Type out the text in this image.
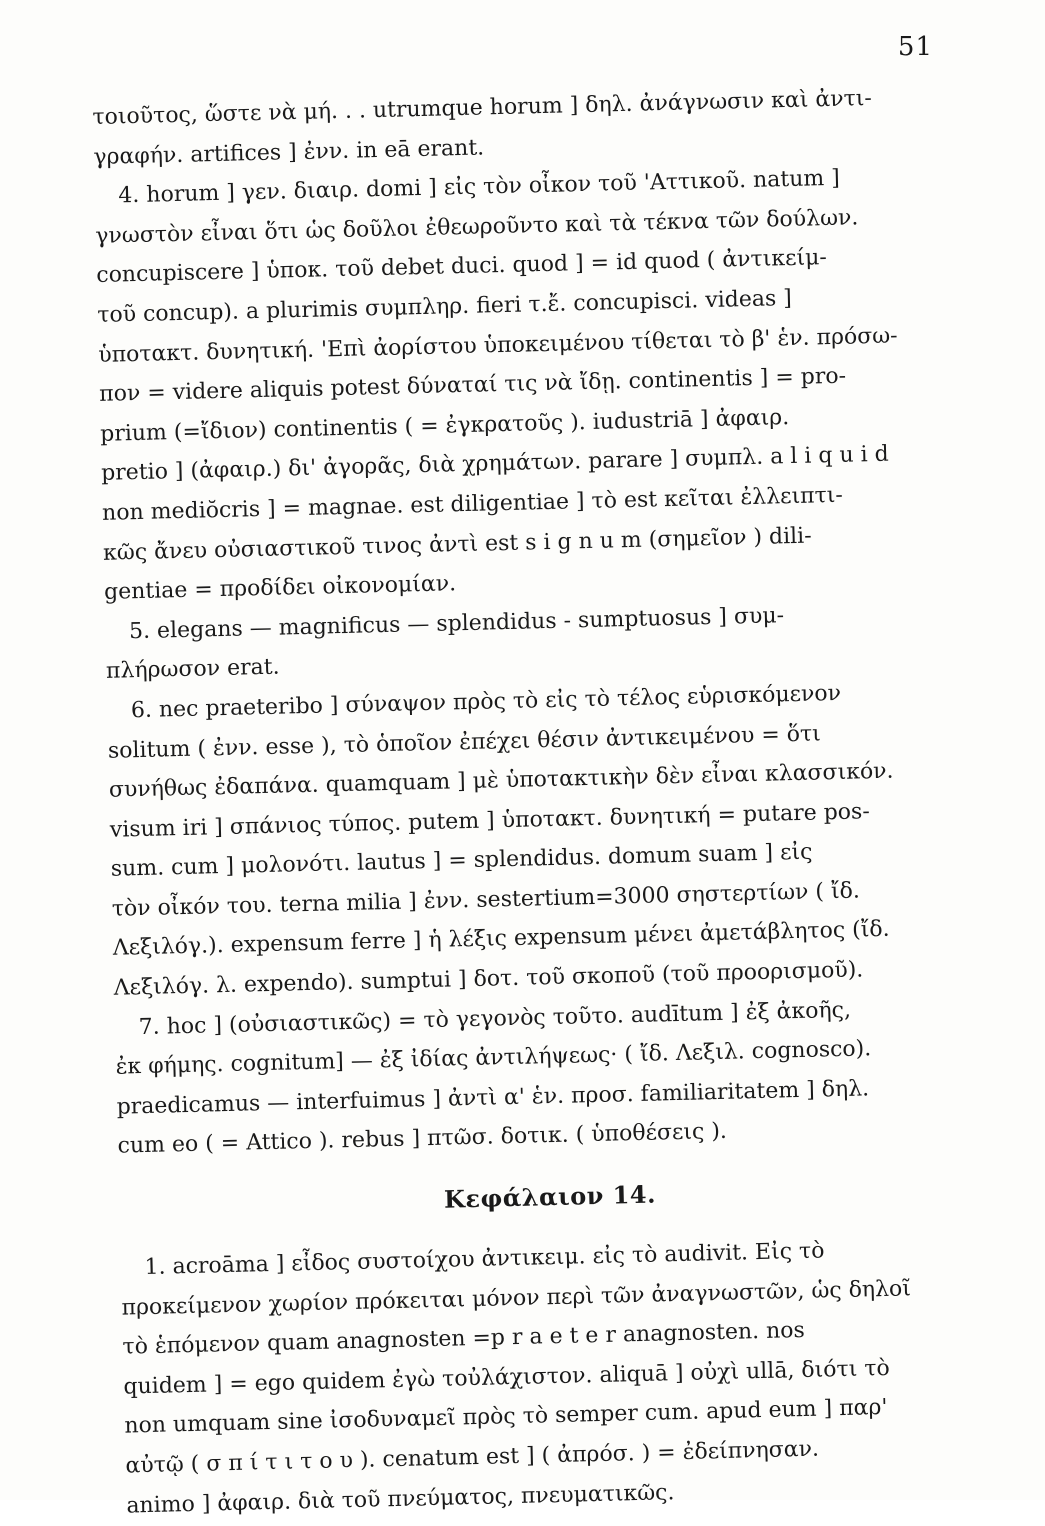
51
τοιοῦτος, ὥστε νὰ μή. . . utrumque horum ] δηλ. ἀνάγνωσιν καὶ ἀντι-
γραφήν. artifices ] ἐνν. in eā erant.
4. horum ] γεν. διαιρ. domi ] εἰς τὸν οἶκον τοῦ 'Αττικοῦ. natum ]
γνωστὸν εἶναι ὅτι ὡς δοῦλοι ἐθεωροῦντο καὶ τὰ τέκνα τῶν δούλων.
concupiscere ] ὑποκ. τοῦ debet duci. quod ] = id quod ( ἀντικείμ-
τοῦ concup). a plurimis συμπληρ. fieri τ.ἔ. concupisci. videas ]
ὑποτακτ. δυνητική. 'Επὶ ἀορίστου ὑποκειμένου τίθεται τὸ β' ἑν. πρόσω-
πον = videre aliquis potest δύναταί τις νὰ ἴδῃ. continentis ] = pro-
prium (=ἴδιον) continentis ( = ἐγκρατοῦς ). iudustriā ] ἀφαιρ.
pretio ] (ἀφαιρ.) δι' ἀγορᾶς, διὰ χρημάτων. parare ] συμπλ. a l i q u i d
non mediŏcris ] = magnae. est diligentiae ] τὸ est κεῖται ἐλλειπτι-
κῶς ἄνευ οὐσιαστικοῦ τινος ἀντὶ est s i g n u m (σημεῖον ) dili-
gentiae = προδίδει οἰκονομίαν.
5. elegans — magnificus — splendidus - sumptuosus ] συμ-
πλήρωσον erat.
6. nec praeteribo ] σύναψον πρὸς τὸ εἰς τὸ τέλος εὑρισκόμενον
solitum ( ἐνν. esse ), τὸ ὁποῖον ἐπέχει θέσιν ἀντικειμένου = ὅτι
συνήθως ἐδαπάνα. quamquam ] μὲ ὑποτακτικὴν δὲν εἶναι κλασσικόν.
visum iri ] σπάνιος τύπος. putem ] ὑποτακτ. δυνητική = putare pos-
sum. cum ] μολονότι. lautus ] = splendidus. domum suam ] εἰς
τὸν οἶκόν του. terna milia ] ἐνν. sestertium=3000 σηστερτίων ( ἴδ.
Λεξιλόγ.). expensum ferre ] ἡ λέξις expensum μένει ἀμετάβλητος (ἴδ.
Λεξιλόγ. λ. expendo). sumptui ] δοτ. τοῦ σκοποῦ (τοῦ προορισμοῦ).
7. hoc ] (οὐσιαστικῶς) = τὸ γεγονὸς τοῦτο. audītum ] ἐξ ἀκοῆς,
ἐκ φήμης. cognitum] — ἐξ ἰδίας ἀντιλήψεως· ( ἴδ. Λεξιλ. cognosco).
praedicamus — interfuimus ] ἀντὶ α' ἑν. προσ. familiaritatem ] δηλ.
cum eo ( = Attico ). rebus ] πτῶσ. δοτικ. ( ὑποθέσεις ).
Κεφάλαιον 14.
1. acroāma ] εἶδος συστοίχου ἀντικειμ. εἰς τὸ audivit. Εἰς τὸ
προκείμενον χωρίον πρόκειται μόνον περὶ τῶν ἀναγνωστῶν, ὡς δηλοῖ
τὸ ἑπόμενον quam anagnosten =p r a e t e r anagnosten. nos
quidem ] = ego quidem ἐγὼ τοὐλάχιστον. aliquā ] οὐχὶ ullā, διότι τὸ
non umquam sine ἰσοδυναμεῖ πρὸς τὸ semper cum. apud eum ] παρ'
αὐτῷ ( σ π ί τ ι τ ο υ ). cenatum est ] ( ἀπρόσ. ) = ἐδείπνησαν.
animo ] ἀφαιρ. διὰ τοῦ πνεύματος, πνευματικῶς.
